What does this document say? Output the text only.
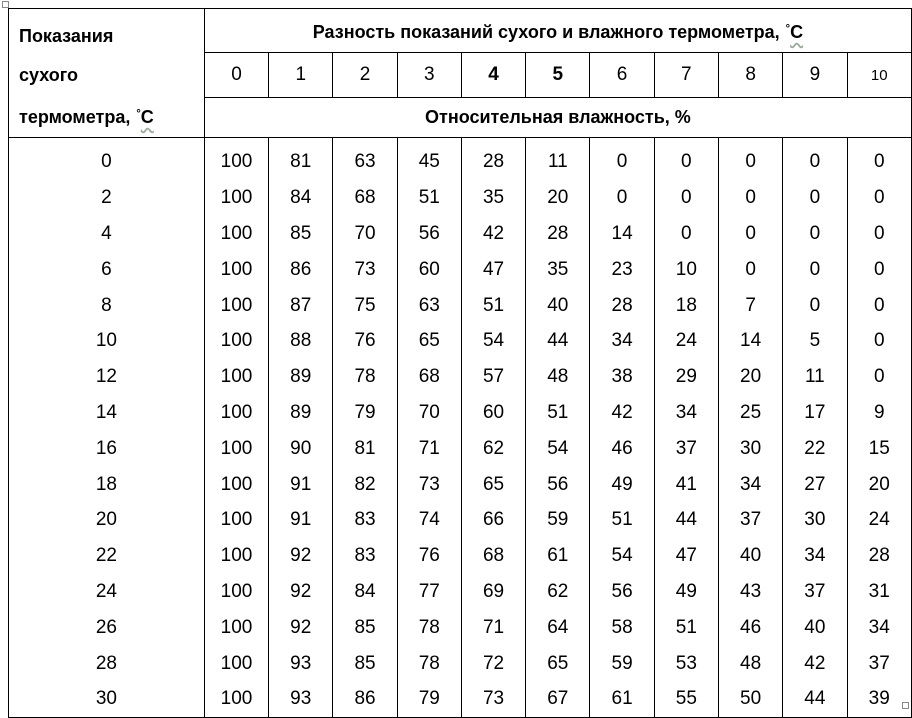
Показания
сухого
термометра, °С	Разность показаний сухого и влажного термометра, °С										
	0	1	2	3	4	5	6	7	8	9	10
	Относительная влажность, %										
0	100	81	63	45	28	11	0	0	0	0	0
2	100	84	68	51	35	20	0	0	0	0	0
4	100	85	70	56	42	28	14	0	0	0	0
6	100	86	73	60	47	35	23	10	0	0	0
8	100	87	75	63	51	40	28	18	7	0	0
10	100	88	76	65	54	44	34	24	14	5	0
12	100	89	78	68	57	48	38	29	20	11	0
14	100	89	79	70	60	51	42	34	25	17	9
16	100	90	81	71	62	54	46	37	30	22	15
18	100	91	82	73	65	56	49	41	34	27	20
20	100	91	83	74	66	59	51	44	37	30	24
22	100	92	83	76	68	61	54	47	40	34	28
24	100	92	84	77	69	62	56	49	43	37	31
26	100	92	85	78	71	64	58	51	46	40	34
28	100	93	85	78	72	65	59	53	48	42	37
30	100	93	86	79	73	67	61	55	50	44	39
